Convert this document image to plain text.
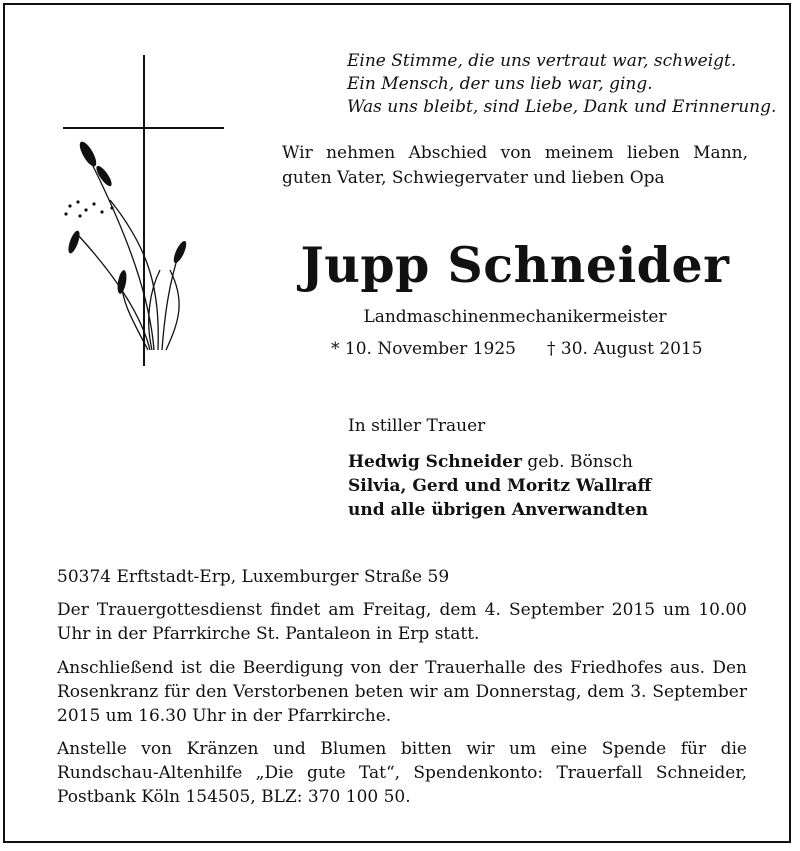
Eine Stimme, die uns vertraut war, schweigt.
Ein Mensch, der uns lieb war, ging.
Was uns bleibt, sind Liebe, Dank und Erinnerung.
Wir nehmen Abschied von meinem lieben Mann, guten Vater, Schwiegervater und lieben Opa
Jupp Schneider
Landmaschinenmechanikermeister
* 10. November 1925 † 30. August 2015
In stiller Trauer
Hedwig Schneider geb. Bönsch
Silvia, Gerd und Moritz Wallraff
und alle übrigen Anverwandten
50374 Erftstadt-Erp, Luxemburger Straße 59
Der Trauergottesdienst findet am Freitag, dem 4. September 2015 um 10.00 Uhr in der Pfarrkirche St. Pantaleon in Erp statt.
Anschließend ist die Beerdigung von der Trauerhalle des Friedhofes aus. Den Rosenkranz für den Verstorbenen beten wir am Donnerstag, dem 3. September 2015 um 16.30 Uhr in der Pfarrkirche.
Anstelle von Kränzen und Blumen bitten wir um eine Spende für die Rundschau-Altenhilfe „Die gute Tat“, Spendenkonto: Trauerfall Schneider, Postbank Köln 154505, BLZ: 370 100 50.
